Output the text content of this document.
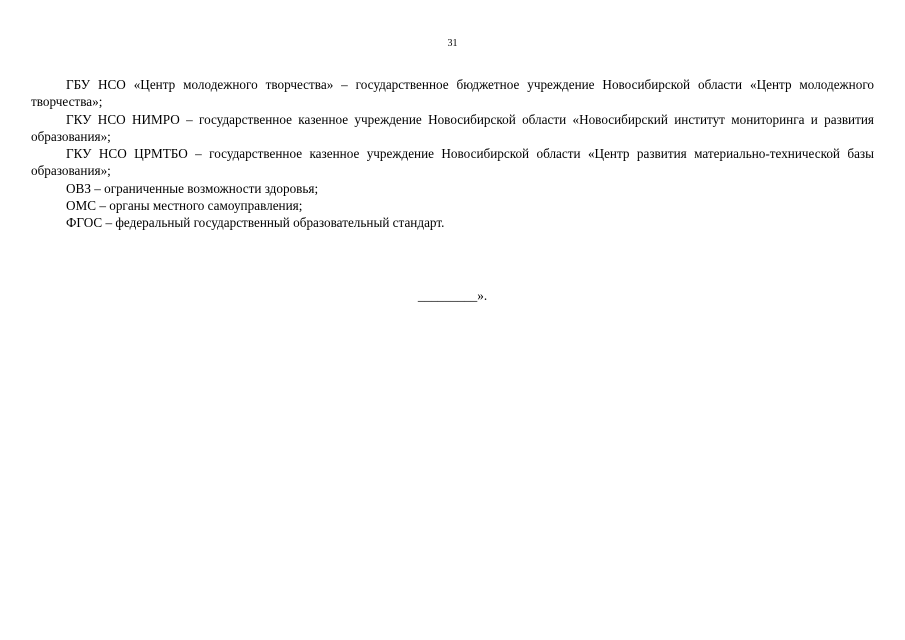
31

ГБУ НСО «Центр молодежного творчества» – государственное бюджетное учреждение Новосибирской области «Центр молодежного творчества»;

ГКУ НСО НИМРО – государственное казенное учреждение Новосибирской области «Новосибирский институт мониторинга и развития образования»;

ГКУ НСО ЦРМТБО – государственное казенное учреждение Новосибирской области «Центр развития материально-технической базы образования»;

ОВЗ – ограниченные возможности здоровья;

ОМС – органы местного самоуправления;

ФГОС – федеральный государственный образовательный стандарт.

_________».
